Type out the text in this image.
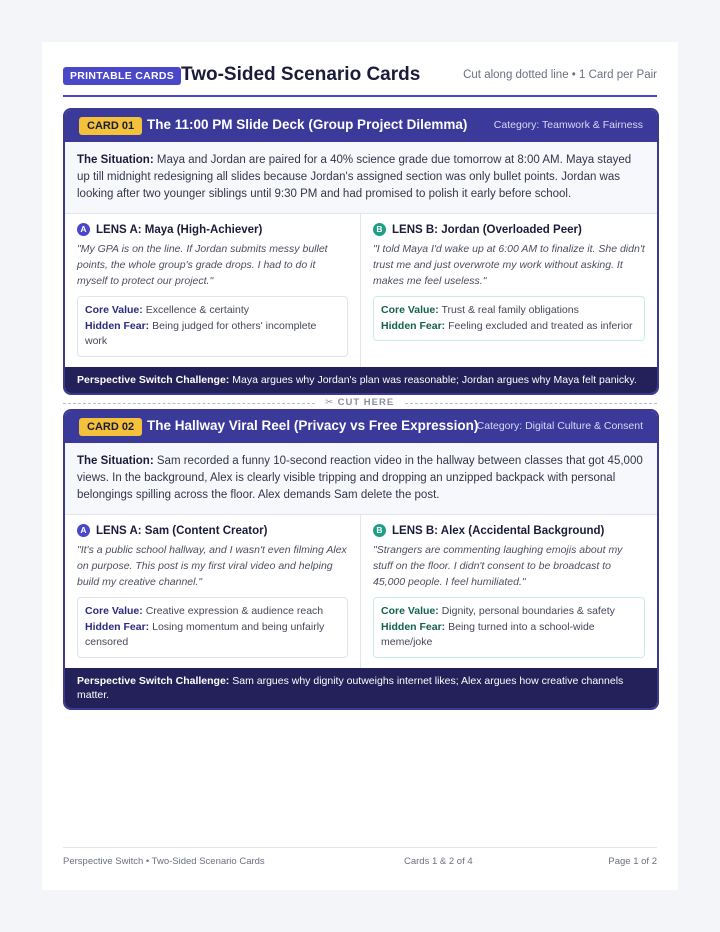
PRINTABLE CARDS Two-Sided Scenario Cards	Cut along dotted line • 1 Card per Pair
CARD 01 The 11:00 PM Slide Deck (Group Project Dilemma)	Category: Teamwork & Fairness
The Situation: Maya and Jordan are paired for a 40% science grade due tomorrow at 8:00 AM. Maya stayed up till midnight redesigning all slides because Jordan's assigned section was only bullet points. Jordan was looking after two younger siblings until 9:30 PM and had promised to polish it early before school.
A LENS A: Maya (High-Achiever)
"My GPA is on the line. If Jordan submits messy bullet points, the whole group's grade drops. I had to do it myself to protect our project."
Core Value: Excellence & certainty
Hidden Fear: Being judged for others' incomplete work
B LENS B: Jordan (Overloaded Peer)
"I told Maya I'd wake up at 6:00 AM to finalize it. She didn't trust me and just overwrote my work without asking. It makes me feel useless."
Core Value: Trust & real family obligations
Hidden Fear: Feeling excluded and treated as inferior
Perspective Switch Challenge: Maya argues why Jordan's plan was reasonable; Jordan argues why Maya felt panicky.
✂ CUT HERE
CARD 02 The Hallway Viral Reel (Privacy vs Free Expression)
Category: Digital Culture & Consent
The Situation: Sam recorded a funny 10-second reaction video in the hallway between classes that got 45,000 views. In the background, Alex is clearly visible tripping and dropping an unzipped backpack with personal belongings spilling across the floor. Alex demands Sam delete the post.
A LENS A: Sam (Content Creator)
"It's a public school hallway, and I wasn't even filming Alex on purpose. This post is my first viral video and helping build my creative channel."
Core Value: Creative expression & audience reach
Hidden Fear: Losing momentum and being unfairly censored
B LENS B: Alex (Accidental Background)
"Strangers are commenting laughing emojis about my stuff on the floor. I didn't consent to be broadcast to 45,000 people. I feel humiliated."
Core Value: Dignity, personal boundaries & safety
Hidden Fear: Being turned into a school-wide meme/joke
Perspective Switch Challenge: Sam argues why dignity outweighs internet likes; Alex argues how creative channels matter.
Perspective Switch • Two-Sided Scenario Cards	Cards 1 & 2 of 4	Page 1 of 2
